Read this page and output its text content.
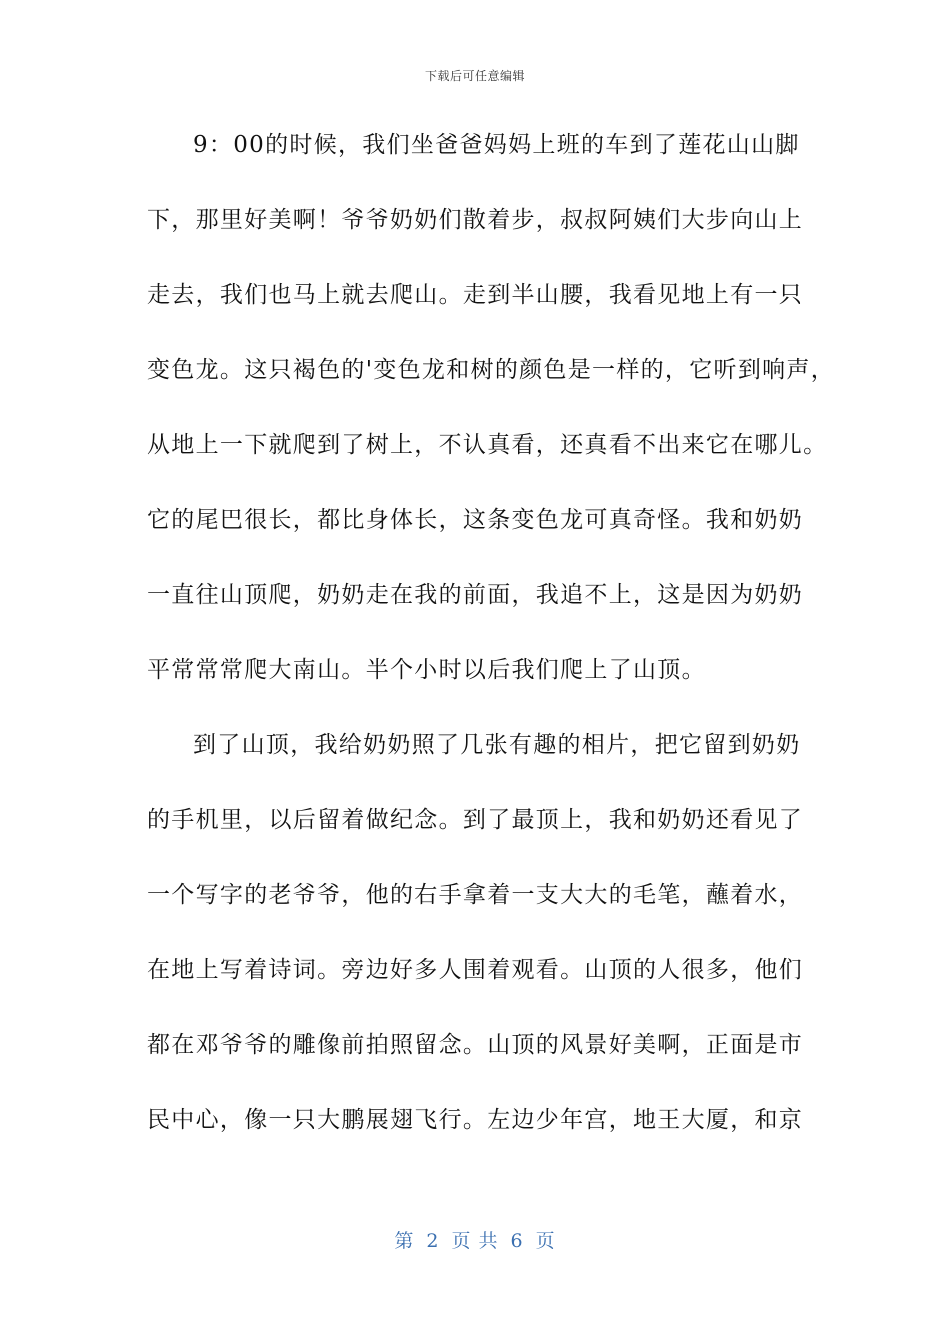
下载后可任意编辑
9：00的时候，我们坐爸爸妈妈上班的车到了莲花山山脚
下，那里好美啊！爷爷奶奶们散着步，叔叔阿姨们大步向山上
走去，我们也马上就去爬山。走到半山腰，我看见地上有一只
变色龙。这只褐色的'变色龙和树的颜色是一样的，它听到响声，
从地上一下就爬到了树上，不认真看，还真看不出来它在哪儿。
它的尾巴很长，都比身体长，这条变色龙可真奇怪。我和奶奶
一直往山顶爬，奶奶走在我的前面，我追不上，这是因为奶奶
平常常常爬大南山。半个小时以后我们爬上了山顶。
到了山顶，我给奶奶照了几张有趣的相片，把它留到奶奶
的手机里，以后留着做纪念。到了最顶上，我和奶奶还看见了
一个写字的老爷爷，他的右手拿着一支大大的毛笔，蘸着水，
在地上写着诗词。旁边好多人围着观看。山顶的人很多，他们
都在邓爷爷的雕像前拍照留念。山顶的风景好美啊，正面是市
民中心，像一只大鹏展翅飞行。左边少年宫，地王大厦，和京
第 2 页 共 6 页
